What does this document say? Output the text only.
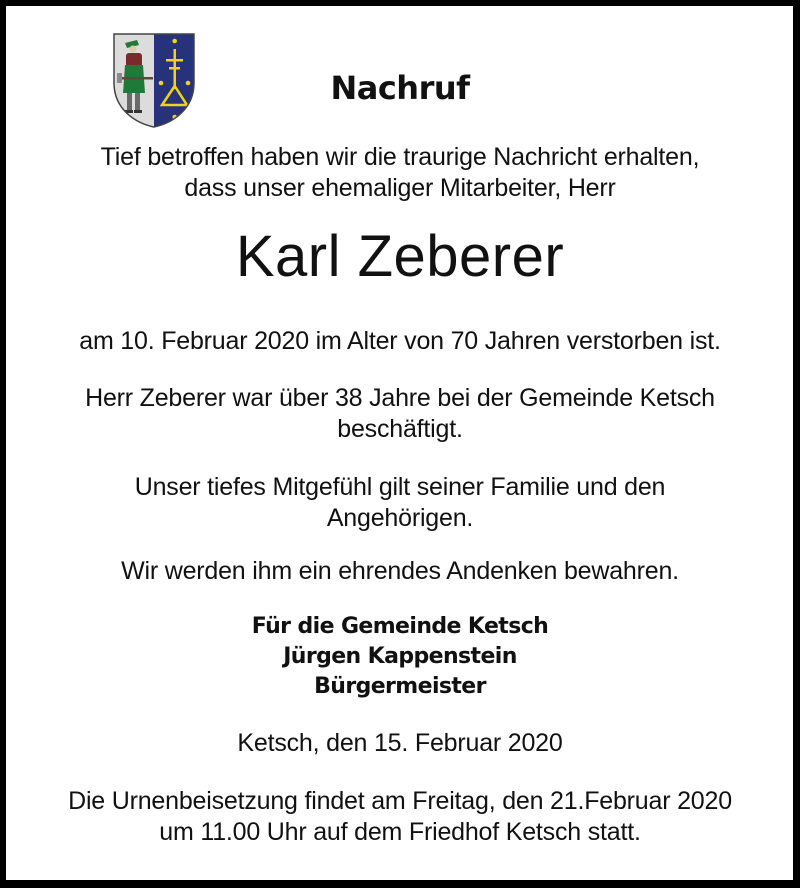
Nachruf
Tief betroffen haben wir die traurige Nachricht erhalten,
dass unser ehemaliger Mitarbeiter, Herr
Karl Zeberer
am 10. Februar 2020 im Alter von 70 Jahren verstorben ist.
Herr Zeberer war über 38 Jahre bei der Gemeinde Ketsch
beschäftigt.
Unser tiefes Mitgefühl gilt seiner Familie und den
Angehörigen.
Wir werden ihm ein ehrendes Andenken bewahren.
Für die Gemeinde Ketsch
Jürgen Kappenstein
Bürgermeister
Ketsch, den 15. Februar 2020
Die Urnenbeisetzung findet am Freitag, den 21.Februar 2020
um 11.00 Uhr auf dem Friedhof Ketsch statt.
